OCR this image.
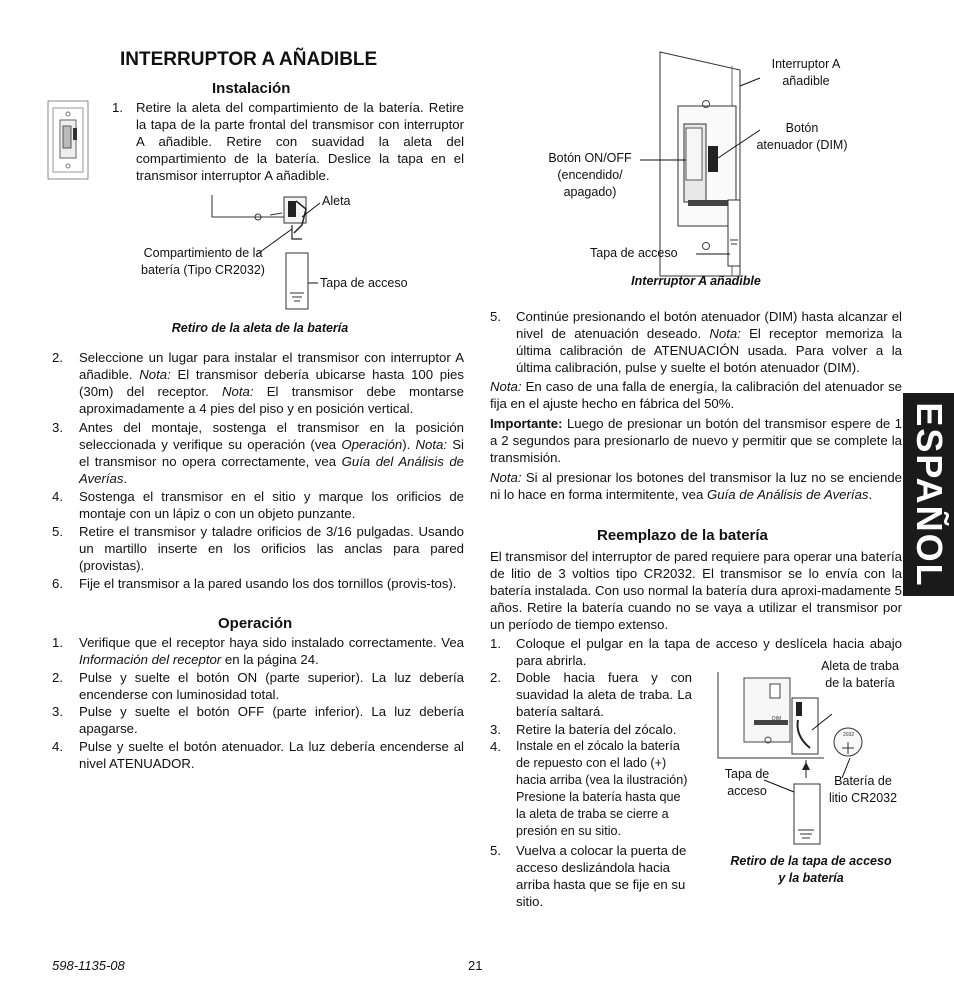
INTERRUPTOR A AÑADIBLE
Instalación
1. Retire la aleta del compartimiento de la batería. Retire la tapa de la parte frontal del transmisor con interruptor A añadible. Retire con suavidad la aleta del compartimiento de la batería. Deslice la tapa en el transmisor interruptor A añadible.
Aleta
Compartimiento de la batería (Tipo CR2032)
Tapa de acceso
Retiro de la aleta de la batería
2. Seleccione un lugar para instalar el transmisor con interruptor A añadible. Nota: El transmisor debería ubicarse hasta 100 pies (30m) del receptor. Nota: El transmisor debe montarse aproximadamente a 4 pies del piso y en posición vertical.
3. Antes del montaje, sostenga el transmisor en la posición seleccionada y verifique su operación (vea Operación). Nota: Si el transmisor no opera correctamente, vea Guía del Análisis de Averías.
4. Sostenga el transmisor en el sitio y marque los orificios de montaje con un lápiz o con un objeto punzante.
5. Retire el transmisor y taladre orificios de 3/16 pulgadas. Usando un martillo inserte en los orificios las anclas para pared (provistas).
6. Fije el transmisor a la pared usando los dos tornillos (provis-tos).
Operación
1. Verifique que el receptor haya sido instalado correctamente. Vea Información del receptor en la página 24.
2. Pulse y suelte el botón ON (parte superior). La luz debería encenderse con luminosidad total.
3. Pulse y suelte el botón OFF (parte inferior). La luz debería apagarse.
4. Pulse y suelte el botón atenuador. La luz debería encenderse al nivel ATENUADOR.
Interruptor A añadible
Botón atenuador (DIM)
Botón ON/OFF (encendido/ apagado)
Tapa de acceso
Interruptor A añadible
5. Continúe presionando el botón atenuador (DIM) hasta alcanzar el nivel de atenuación deseado. Nota: El receptor memoriza la última calibración de ATENUACIÓN usada. Para volver a la última calibración, pulse y suelte el botón atenuador (DIM).
Nota: En caso de una falla de energía, la calibración del atenuador se fija en el ajuste hecho en fábrica del 50%.
Importante: Luego de presionar un botón del transmisor espere de 1 a 2 segundos para presionarlo de nuevo y permitir que se complete la transmisión.
Nota: Si al presionar los botones del transmisor la luz no se enciende ni lo hace en forma intermitente, vea Guía de Análisis de Averías.
Reemplazo de la batería
El transmisor del interruptor de pared requiere para operar una batería de litio de 3 voltios tipo CR2032. El transmisor se lo envía con la batería instalada. Con uso normal la batería dura aproxi-madamente 5 años. Retire la batería cuando no se vaya a utilizar el transmisor por un período de tiempo extenso.
1. Coloque el pulgar en la tapa de acceso y deslícela hacia abajo para abrirla.
2. Doble hacia fuera y con suavidad la aleta de traba. La batería saltará.
3. Retire la batería del zócalo.
4. Instale en el zócalo la batería de repuesto con el lado (+) hacia arriba (vea la ilustración) Presione la batería hasta que la aleta de traba se cierre a presión en su sitio.
5. Vuelva a colocar la puerta de acceso deslizándola hacia arriba hasta que se fije en su sitio.
DIM
2032
Aleta de traba de la batería
Tapa de acceso
Batería de litio CR2032
Retiro de la tapa de acceso y la batería
ESPAÑOL
598-1135-08	21
